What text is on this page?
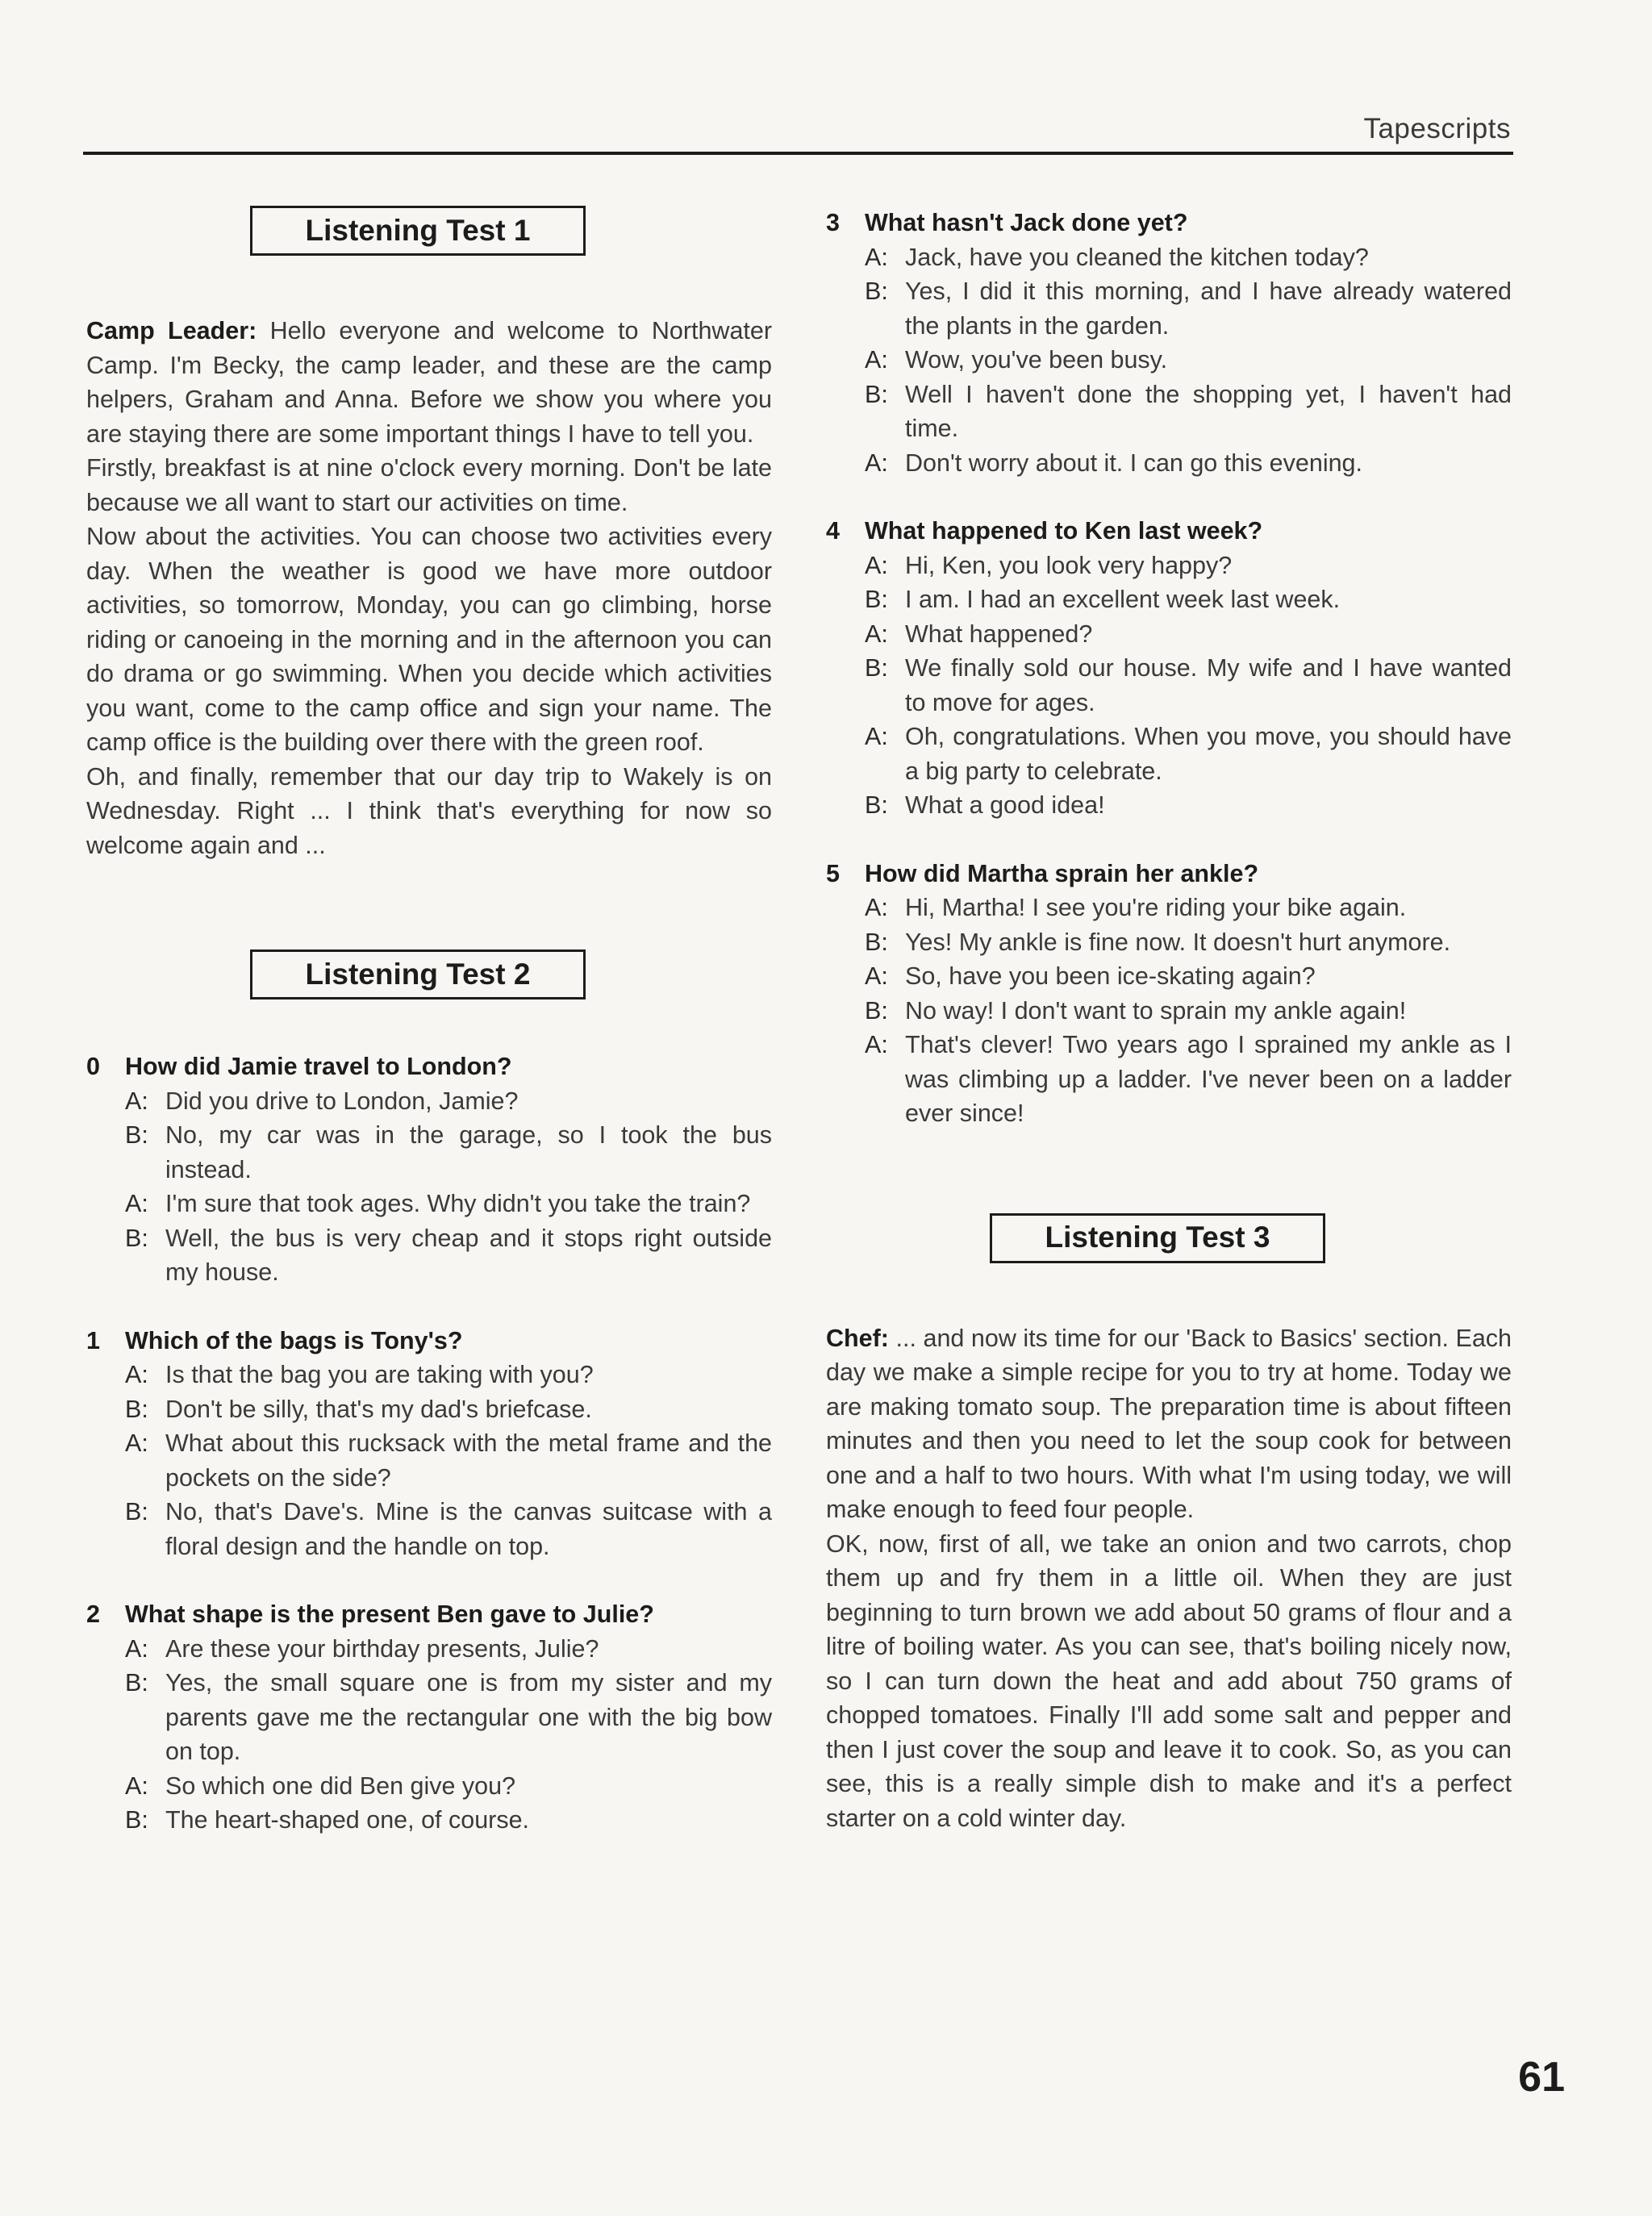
Tapescripts
Listening Test 1

Camp Leader: Hello everyone and welcome to Northwater Camp. I'm Becky, the camp leader, and these are the camp helpers, Graham and Anna. Before we show you where you are staying there are some important things I have to tell you.

Firstly, breakfast is at nine o'clock every morning. Don't be late because we all want to start our activities on time.

Now about the activities. You can choose two activities every day. When the weather is good we have more outdoor activities, so tomorrow, Monday, you can go climbing, horse riding or canoeing in the morning and in the afternoon you can do drama or go swimming. When you decide which activities you want, come to the camp office and sign your name. The camp office is the building over there with the green roof.

Oh, and finally, remember that our day trip to Wakely is on Wednesday. Right ... I think that's everything for now so welcome again and ...

Listening Test 2
0	How did Jamie travel to London?
A: Did you drive to London, Jamie?
B: No, my car was in the garage, so I took the bus instead.
A: I'm sure that took ages. Why didn't you take the train?
B: Well, the bus is very cheap and it stops right outside my house.
1	Which of the bags is Tony's?
A: Is that the bag you are taking with you?
B: Don't be silly, that's my dad's briefcase.
A: What about this rucksack with the metal frame and the pockets on the side?
B: No, that's Dave's. Mine is the canvas suitcase with a floral design and the handle on top.
2	What shape is the present Ben gave to Julie?
A: Are these your birthday presents, Julie?
B: Yes, the small square one is from my sister and my parents gave me the rectangular one with the big bow on top.
A: So which one did Ben give you?
B: The heart-shaped one, of course.
3	What hasn't Jack done yet?
A: Jack, have you cleaned the kitchen today?
B: Yes, I did it this morning, and I have already watered the plants in the garden.
A: Wow, you've been busy.
B: Well I haven't done the shopping yet, I haven't had time.
A: Don't worry about it. I can go this evening.
4	What happened to Ken last week?
A: Hi, Ken, you look very happy?
B: I am. I had an excellent week last week.
A: What happened?
B: We finally sold our house. My wife and I have wanted to move for ages.
A: Oh, congratulations. When you move, you should have a big party to celebrate.
B: What a good idea!
5	How did Martha sprain her ankle?
A: Hi, Martha! I see you're riding your bike again.
B: Yes! My ankle is fine now. It doesn't hurt anymore.
A: So, have you been ice-skating again?
B: No way! I don't want to sprain my ankle again!
A: That's clever! Two years ago I sprained my ankle as I was climbing up a ladder. I've never been on a ladder ever since!
Listening Test 3

Chef: ... and now its time for our 'Back to Basics' section. Each day we make a simple recipe for you to try at home. Today we are making tomato soup. The preparation time is about fifteen minutes and then you need to let the soup cook for between one and a half to two hours. With what I'm using today, we will make enough to feed four people.

OK, now, first of all, we take an onion and two carrots, chop them up and fry them in a little oil. When they are just beginning to turn brown we add about 50 grams of flour and a litre of boiling water. As you can see, that's boiling nicely now, so I can turn down the heat and add about 750 grams of chopped tomatoes. Finally I'll add some salt and pepper and then I just cover the soup and leave it to cook. So, as you can see, this is a really simple dish to make and it's a perfect starter on a cold winter day.

61
